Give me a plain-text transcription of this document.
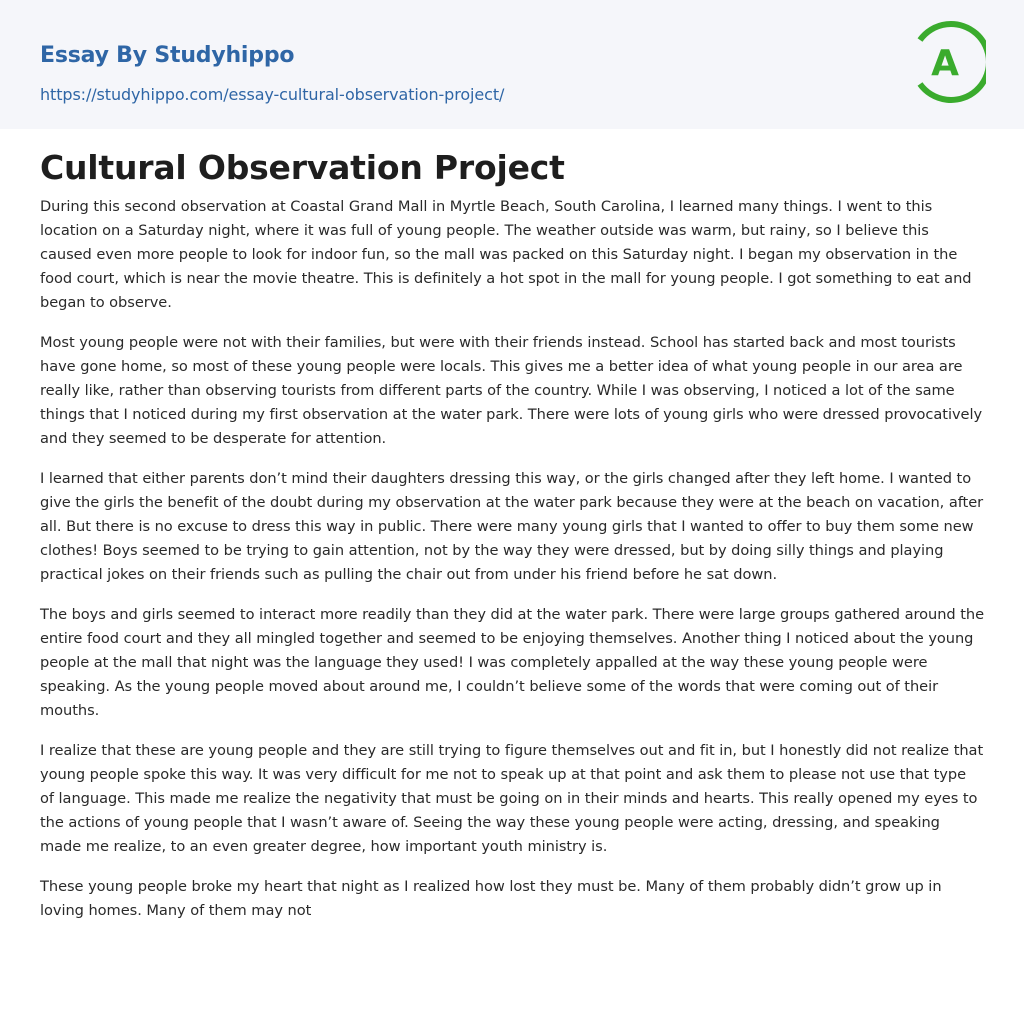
Essay By Studyhippo
https://studyhippo.com/essay-cultural-observation-project/
A
Cultural Observation Project

During this second observation at Coastal Grand Mall in Myrtle Beach, South Carolina, I learned many things. I went to this location on a Saturday night, where it was full of young people. The weather outside was warm, but rainy, so I believe this caused even more people to look for indoor fun, so the mall was packed on this Saturday night. I began my observation in the food court, which is near the movie theatre. This is definitely a hot spot in the mall for young people. I got something to eat and began to observe.

Most young people were not with their families, but were with their friends instead. School has started back and most tourists have gone home, so most of these young people were locals. This gives me a better idea of what young people in our area are really like, rather than observing tourists from different parts of the country. While I was observing, I noticed a lot of the same things that I noticed during my first observation at the water park. There were lots of young girls who were dressed provocatively and they seemed to be desperate for attention.

I learned that either parents don’t mind their daughters dressing this way, or the girls changed after they left home. I wanted to give the girls the benefit of the doubt during my observation at the water park because they were at the beach on vacation, after all. But there is no excuse to dress this way in public. There were many young girls that I wanted to offer to buy them some new clothes! Boys seemed to be trying to gain attention, not by the way they were dressed, but by doing silly things and playing practical jokes on their friends such as pulling the chair out from under his friend before he sat down.

The boys and girls seemed to interact more readily than they did at the water park. There were large groups gathered around the entire food court and they all mingled together and seemed to be enjoying themselves. Another thing I noticed about the young people at the mall that night was the language they used! I was completely appalled at the way these young people were speaking. As the young people moved about around me, I couldn’t believe some of the words that were coming out of their mouths.

I realize that these are young people and they are still trying to figure themselves out and fit in, but I honestly did not realize that young people spoke this way. It was very difficult for me not to speak up at that point and ask them to please not use that type of language. This made me realize the negativity that must be going on in their minds and hearts. This really opened my eyes to the actions of young people that I wasn’t aware of. Seeing the way these young people were acting, dressing, and speaking made me realize, to an even greater degree, how important youth ministry is.

These young people broke my heart that night as I realized how lost they must be. Many of them probably didn’t grow up in loving homes. Many of them may not
